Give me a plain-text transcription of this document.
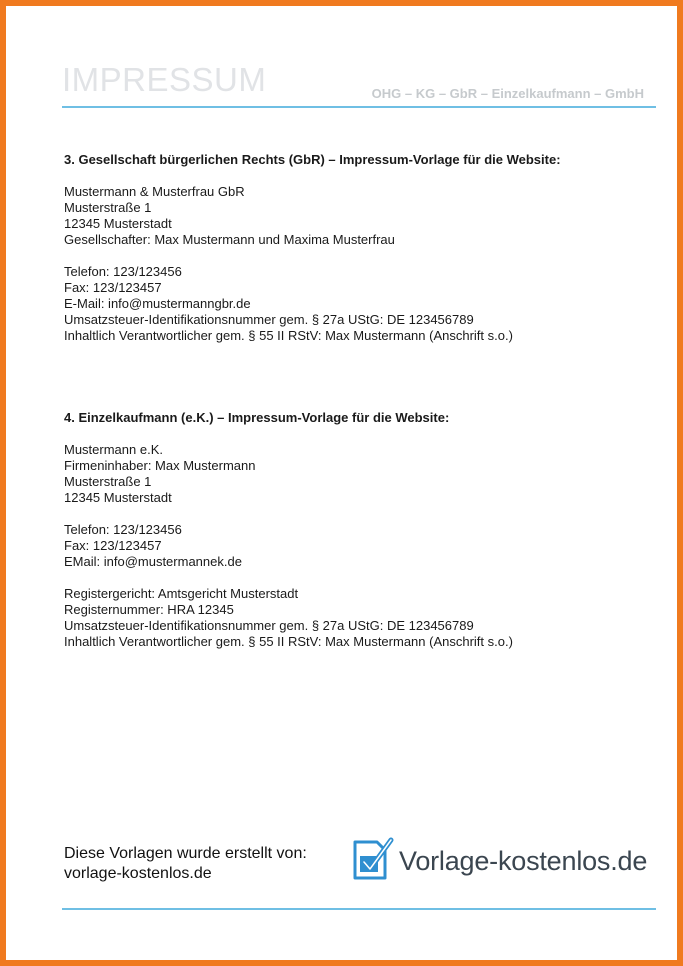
IMPRESSUM	OHG – KG – GbR – Einzelkaufmann – GmbH

3. Gesellschaft bürgerlichen Rechts (GbR) – Impressum-Vorlage für die Website:

Mustermann & Musterfrau GbR
Musterstraße 1
12345 Musterstadt

Gesellschafter: Max Mustermann und Maxima Musterfrau

Telefon: 123/123456
Fax: 123/123457

E-Mail: info@mustermanngbr.de

Umsatzsteuer-Identifikationsnummer gem. § 27a UStG: DE 123456789

Inhaltlich Verantwortlicher gem. § 55 II RStV: Max Mustermann (Anschrift s.o.)

4. Einzelkaufmann (e.K.) – Impressum-Vorlage für die Website:

Mustermann e.K.
Firmeninhaber: Max Mustermann
Musterstraße 1
12345 Musterstadt
Telefon: 123/123456
Fax: 123/123457

EMail: info@mustermannek.de

Registergericht: Amtsgericht Musterstadt
Registernummer: HRA 12345

Umsatzsteuer-Identifikationsnummer gem. § 27a UStG: DE 123456789

Inhaltlich Verantwortlicher gem. § 55 II RStV: Max Mustermann (Anschrift s.o.)

Diese Vorlagen wurde erstellt von:
vorlage-kostenlos.de	Vorlage-kostenlos.de
